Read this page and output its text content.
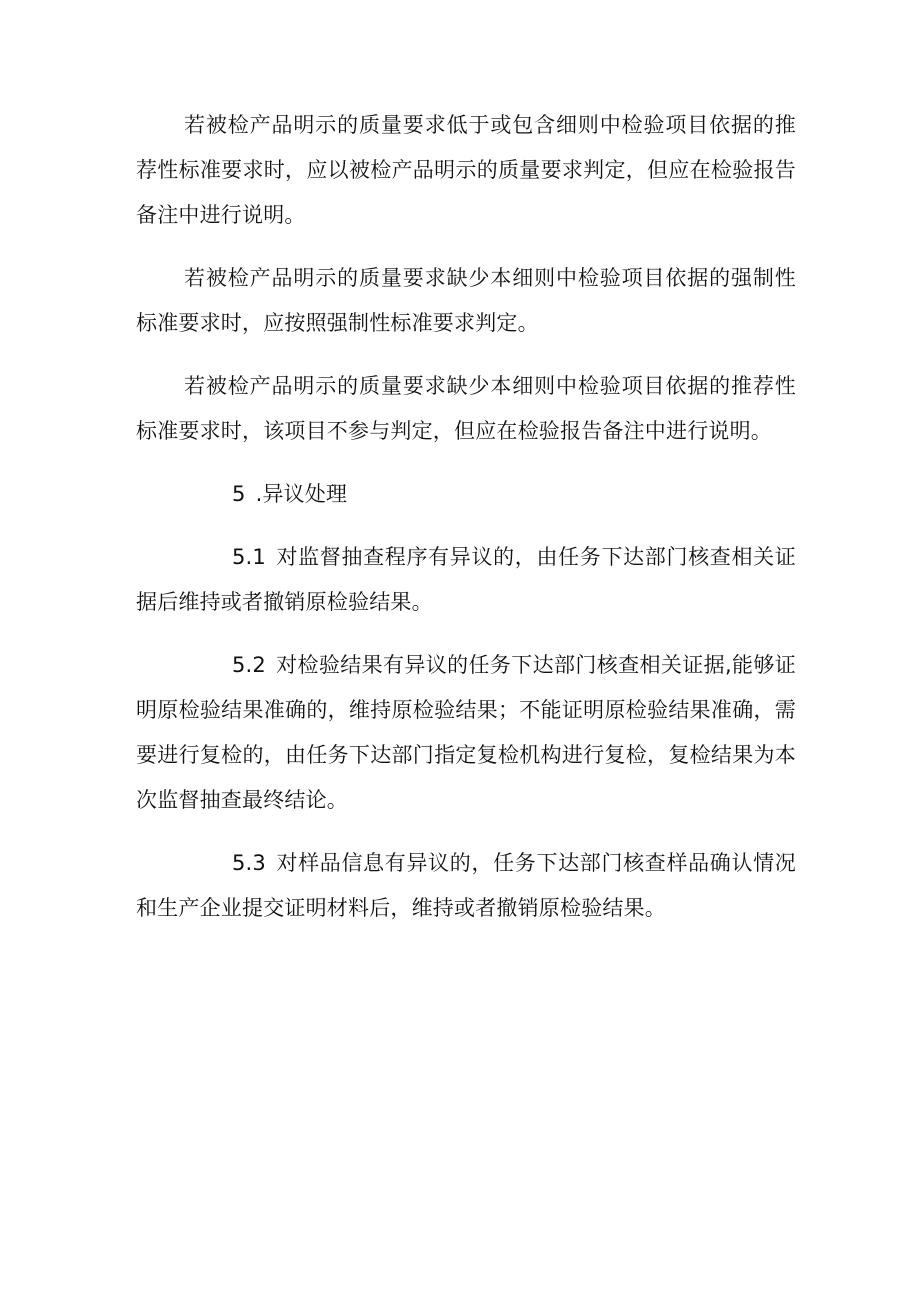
若被检产品明示的质量要求低于或包含细则中检验项目依据的推荐性标准要求时，应以被检产品明示的质量要求判定，但应在检验报告备注中进行说明。

若被检产品明示的质量要求缺少本细则中检验项目依据的强制性标准要求时，应按照强制性标准要求判定。

若被检产品明示的质量要求缺少本细则中检验项目依据的推荐性标准要求时，该项目不参与判定，但应在检验报告备注中进行说明。

5 .异议处理

5.1 对监督抽查程序有异议的，由任务下达部门核查相关证据后维持或者撤销原检验结果。

5.2 对检验结果有异议的任务下达部门核查相关证据,能够证明原检验结果准确的，维持原检验结果；不能证明原检验结果准确，需要进行复检的，由任务下达部门指定复检机构进行复检，复检结果为本次监督抽查最终结论。

5.3 对样品信息有异议的，任务下达部门核查样品确认情况和生产企业提交证明材料后，维持或者撤销原检验结果。
